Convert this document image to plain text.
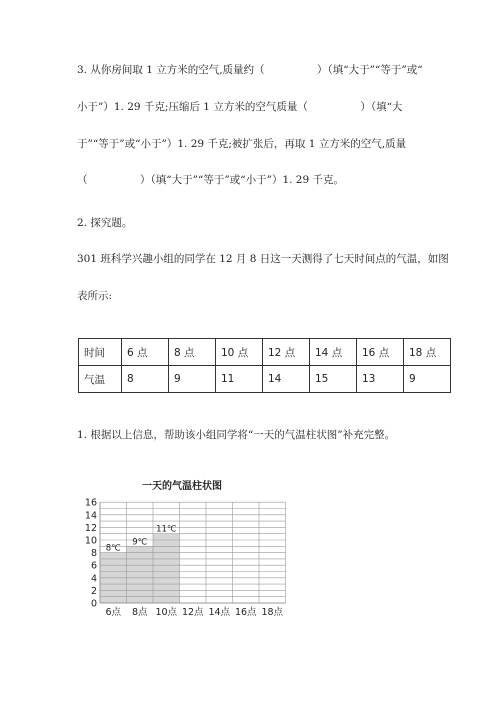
3. 从你房间取 1 立方米的空气,质量约（　　　　　）（填“大于”“等于”或“
小于”）1. 29 千克;压缩后 1 立方米的空气质量（　　　　　）（填“大
于”“等于”或“小于”）1. 29 千克;被扩张后，再取 1 立方米的空气,质量
（　　　　　）（填“大于”“等于”或“小于”）1. 29 千克。
2. 探究题。
301 班科学兴趣小组的同学在 12 月 8 日这一天测得了七天时间点的气温，如图
表所示:
时间	6 点	8 点	10 点	12 点	14 点	16 点	18 点
气温	8	9	11	14	15	13	9
1. 根据以上信息，帮助该小组同学将“一天的气温柱状图”补充完整。
一天的气温柱状图
0
2
4
6
8
10
12
14
16
6点 8点 10点 12点 14点 16点 18点
8℃
9℃
11℃
